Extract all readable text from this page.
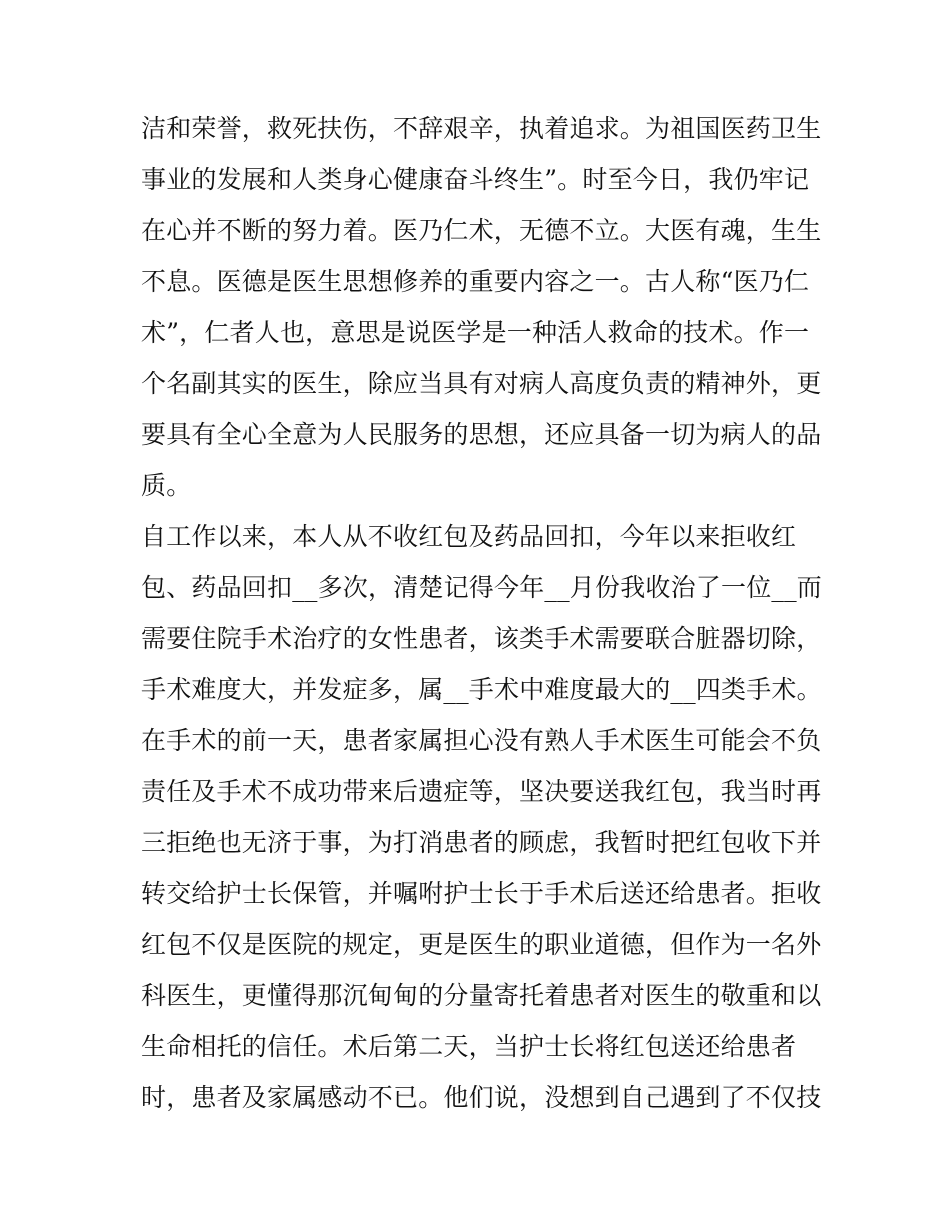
洁和荣誉，救死扶伤，不辞艰辛，执着追求。为祖国医药卫生
事业的发展和人类身心健康奋斗终生”。时至今日，我仍牢记
在心并不断的努力着。医乃仁术，无德不立。大医有魂，生生
不息。医德是医生思想修养的重要内容之一。古人称“医乃仁
术”，仁者人也，意思是说医学是一种活人救命的技术。作一
个名副其实的医生，除应当具有对病人高度负责的精神外，更
要具有全心全意为人民服务的思想，还应具备一切为病人的品
质。
自工作以来，本人从不收红包及药品回扣，今年以来拒收红
包、药品回扣__多次，清楚记得今年__月份我收治了一位__而
需要住院手术治疗的女性患者，该类手术需要联合脏器切除，
手术难度大，并发症多，属__手术中难度最大的__四类手术。
在手术的前一天，患者家属担心没有熟人手术医生可能会不负
责任及手术不成功带来后遗症等，坚决要送我红包，我当时再
三拒绝也无济于事，为打消患者的顾虑，我暂时把红包收下并
转交给护士长保管，并嘱咐护士长于手术后送还给患者。拒收
红包不仅是医院的规定，更是医生的职业道德，但作为一名外
科医生，更懂得那沉甸甸的分量寄托着患者对医生的敬重和以
生命相托的信任。术后第二天，当护士长将红包送还给患者
时，患者及家属感动不已。他们说，没想到自己遇到了不仅技
